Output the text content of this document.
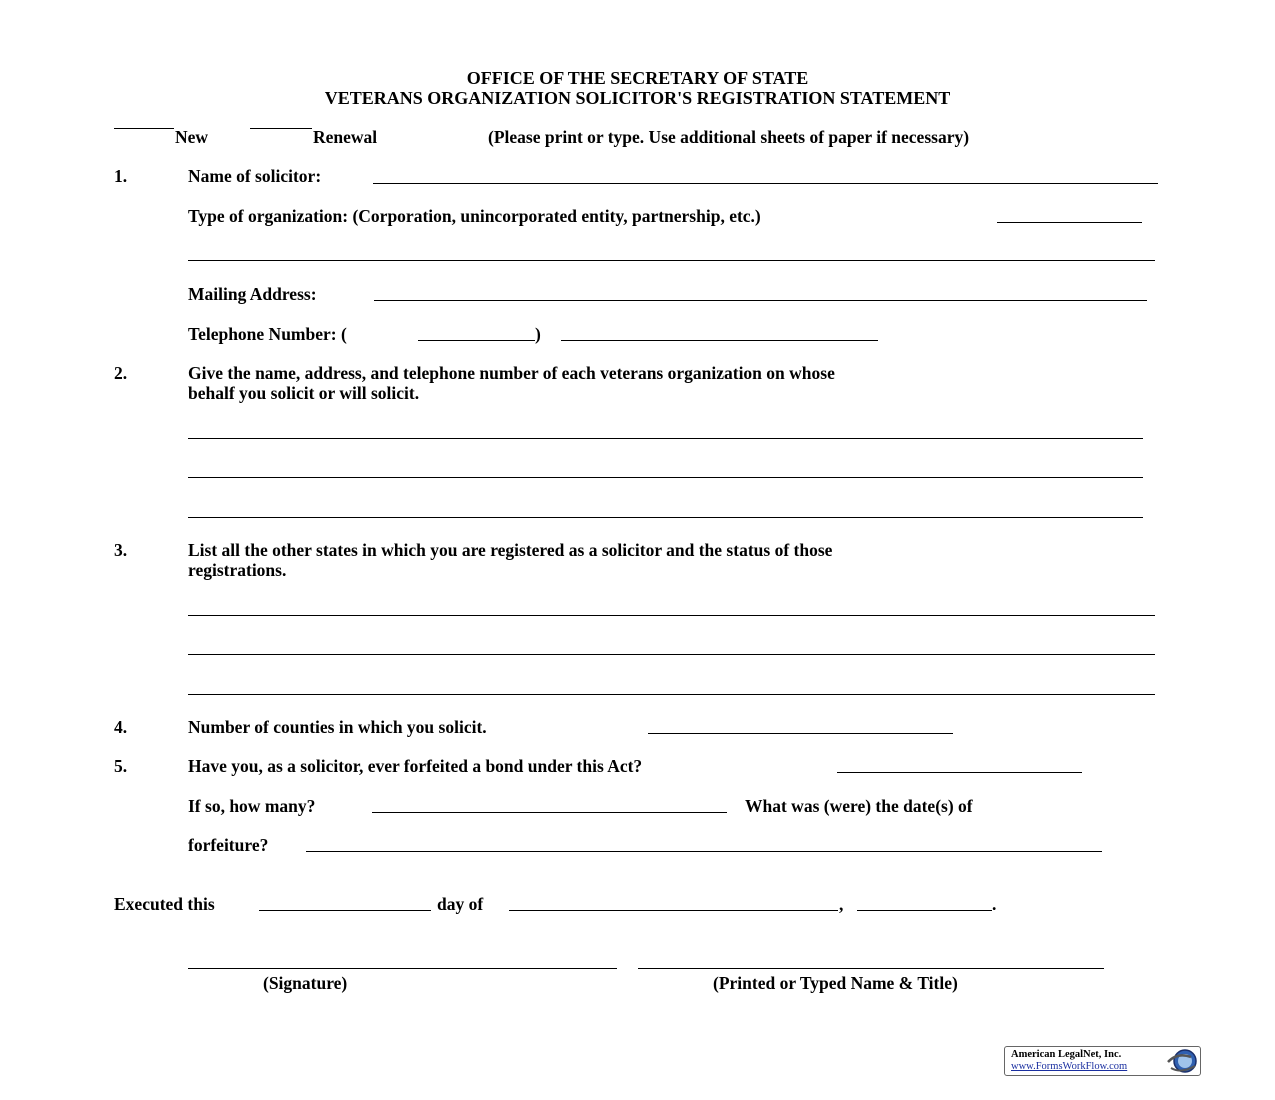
OFFICE OF THE SECRETARY OF STATE
VETERANS ORGANIZATION SOLICITOR'S REGISTRATION STATEMENT
New	Renewal	(Please print or type. Use additional sheets of paper if necessary)
1.	Name of solicitor:
Type of organization: (Corporation, unincorporated entity, partnership, etc.)
Mailing Address:
Telephone Number: (	)
2.	Give the name, address, and telephone number of each veterans organization on whose
behalf you solicit or will solicit.
3.	List all the other states in which you are registered as a solicitor and the status of those
registrations.
4.	Number of counties in which you solicit.
5.	Have you, as a solicitor, ever forfeited a bond under this Act?
If so, how many?	What was (were) the date(s) of
forfeiture?
Executed this	day of	,	.
(Signature)	(Printed or Typed Name & Title)
American LegalNet, Inc.
www.FormsWorkFlow.com
